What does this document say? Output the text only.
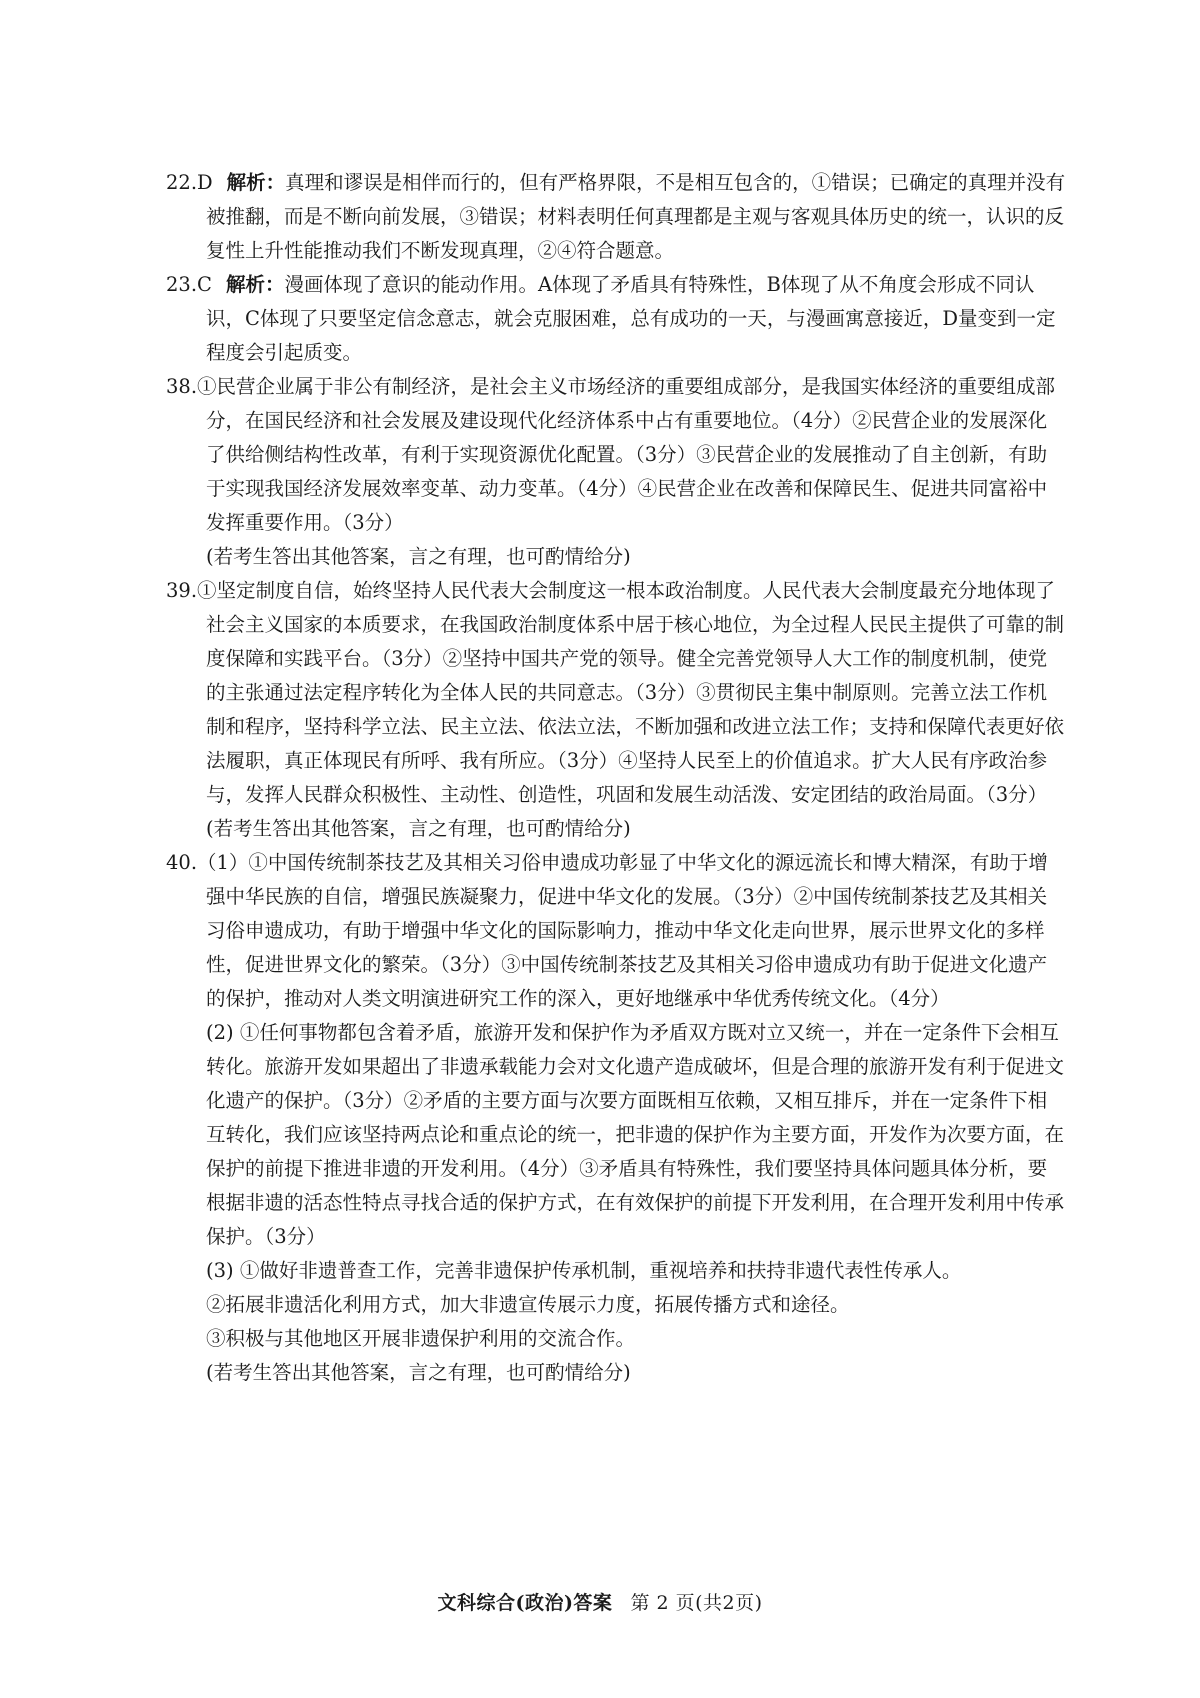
22.D 解析：真理和谬误是相伴而行的，但有严格界限，不是相互包含的，①错误；已确定的真理并没有被推翻，而是不断向前发展，③错误；材料表明任何真理都是主观与客观具体历史的统一，认识的反复性上升性能推动我们不断发现真理，②④符合题意。
23.C 解析：漫画体现了意识的能动作用。A体现了矛盾具有特殊性，B体现了从不角度会形成不同认识，C体现了只要坚定信念意志，就会克服困难，总有成功的一天，与漫画寓意接近，D量变到一定程度会引起质变。
38.①民营企业属于非公有制经济，是社会主义市场经济的重要组成部分，是我国实体经济的重要组成部分，在国民经济和社会发展及建设现代化经济体系中占有重要地位。（4分）②民营企业的发展深化了供给侧结构性改革，有利于实现资源优化配置。（3分）③民营企业的发展推动了自主创新，有助于实现我国经济发展效率变革、动力变革。（4分）④民营企业在改善和保障民生、促进共同富裕中发挥重要作用。（3分）
(若考生答出其他答案，言之有理，也可酌情给分)
39.①坚定制度自信，始终坚持人民代表大会制度这一根本政治制度。人民代表大会制度最充分地体现了社会主义国家的本质要求，在我国政治制度体系中居于核心地位，为全过程人民民主提供了可靠的制度保障和实践平台。（3分）②坚持中国共产党的领导。健全完善党领导人大工作的制度机制，使党的主张通过法定程序转化为全体人民的共同意志。（3分）③贯彻民主集中制原则。完善立法工作机制和程序，坚持科学立法、民主立法、依法立法，不断加强和改进立法工作；支持和保障代表更好依法履职，真正体现民有所呼、我有所应。（3分）④坚持人民至上的价值追求。扩大人民有序政治参与，发挥人民群众积极性、主动性、创造性，巩固和发展生动活泼、安定团结的政治局面。（3分）
(若考生答出其他答案，言之有理，也可酌情给分)
40.（1）①中国传统制茶技艺及其相关习俗申遗成功彰显了中华文化的源远流长和博大精深，有助于增强中华民族的自信，增强民族凝聚力，促进中华文化的发展。（3分）②中国传统制茶技艺及其相关习俗申遗成功，有助于增强中华文化的国际影响力，推动中华文化走向世界，展示世界文化的多样性，促进世界文化的繁荣。（3分）③中国传统制茶技艺及其相关习俗申遗成功有助于促进文化遗产的保护，推动对人类文明演进研究工作的深入，更好地继承中华优秀传统文化。（4分）
(2) ①任何事物都包含着矛盾，旅游开发和保护作为矛盾双方既对立又统一，并在一定条件下会相互转化。旅游开发如果超出了非遗承载能力会对文化遗产造成破坏，但是合理的旅游开发有利于促进文化遗产的保护。（3分）②矛盾的主要方面与次要方面既相互依赖，又相互排斥，并在一定条件下相互转化，我们应该坚持两点论和重点论的统一，把非遗的保护作为主要方面，开发作为次要方面，在保护的前提下推进非遗的开发利用。（4分）③矛盾具有特殊性，我们要坚持具体问题具体分析，要根据非遗的活态性特点寻找合适的保护方式，在有效保护的前提下开发利用，在合理开发利用中传承保护。（3分）
(3) ①做好非遗普查工作，完善非遗保护传承机制，重视培养和扶持非遗代表性传承人。
②拓展非遗活化利用方式，加大非遗宣传展示力度，拓展传播方式和途径。
③积极与其他地区开展非遗保护利用的交流合作。
(若考生答出其他答案，言之有理，也可酌情给分)
文科综合(政治)答案 第 2 页(共2页)
